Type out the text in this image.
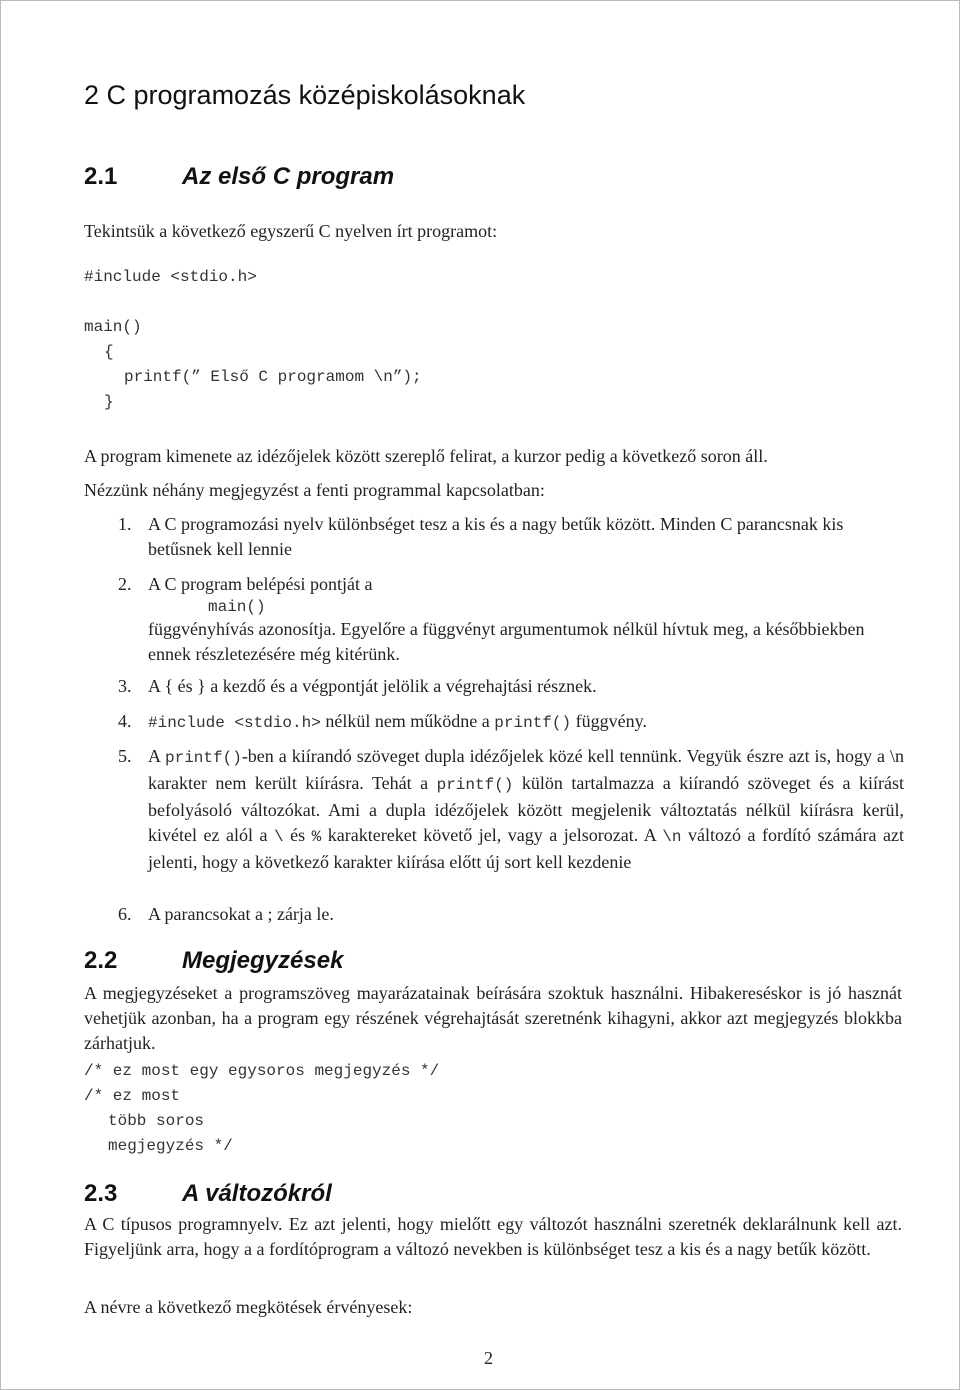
2 C programozás középiskolásoknak
2.1	Az első C program

Tekintsük a következő egyszerű C nyelven írt programot:

#include <stdio.h>
main()
{
printf(” Első C programom \n”);
}

A program kimenete az idézőjelek között szereplő felirat, a kurzor pedig a következő soron áll.

Nézzünk néhány megjegyzést a fenti programmal kapcsolatban:

1. A C programozási nyelv különbséget tesz a kis és a nagy betűk között. Minden C parancsnak kis betűsnek kell lennie
2. A C program belépési pontját a
main()
függvényhívás azonosítja. Egyelőre a függvényt argumentumok nélkül hívtuk meg, a későbbiekben ennek részletezésére még kitérünk.
3. A { és } a kezdő és a végpontját jelölik a végrehajtási résznek.
4. #include <stdio.h> nélkül nem működne a printf() függvény.
5. A printf()-ben a kiírandó szöveget dupla idézőjelek közé kell tennünk. Vegyük észre azt is, hogy a \n karakter nem került kiírásra. Tehát a printf() külön tartalmazza a kiírandó szöveget és a kiírást befolyásoló változókat. Ami a dupla idézőjelek között megjelenik változtatás nélkül kiírásra kerül, kivétel ez alól a \ és % karaktereket követő jel, vagy a jelsorozat. A \n változó a fordító számára azt jelenti, hogy a következő karakter kiírása előtt új sort kell kezdenie
6. A parancsokat a ; zárja le.
2.2	Megjegyzések

A megjegyzéseket a programszöveg mayarázatainak beírására szoktuk használni. Hibakereséskor is jó hasznát vehetjük azonban, ha a program egy részének végrehajtását szeretnénk kihagyni, akkor azt megjegyzés blokkba zárhatjuk.

/* ez most egy egysoros megjegyzés */
/* ez most
több soros
megjegyzés */
2.3	A változókról

A C típusos programnyelv. Ez azt jelenti, hogy mielőtt egy változót használni szeretnék deklarálnunk kell azt. Figyeljünk arra, hogy a a fordítóprogram a változó nevekben is különbséget tesz a kis és a nagy betűk között.

A névre a következő megkötések érvényesek:

2
